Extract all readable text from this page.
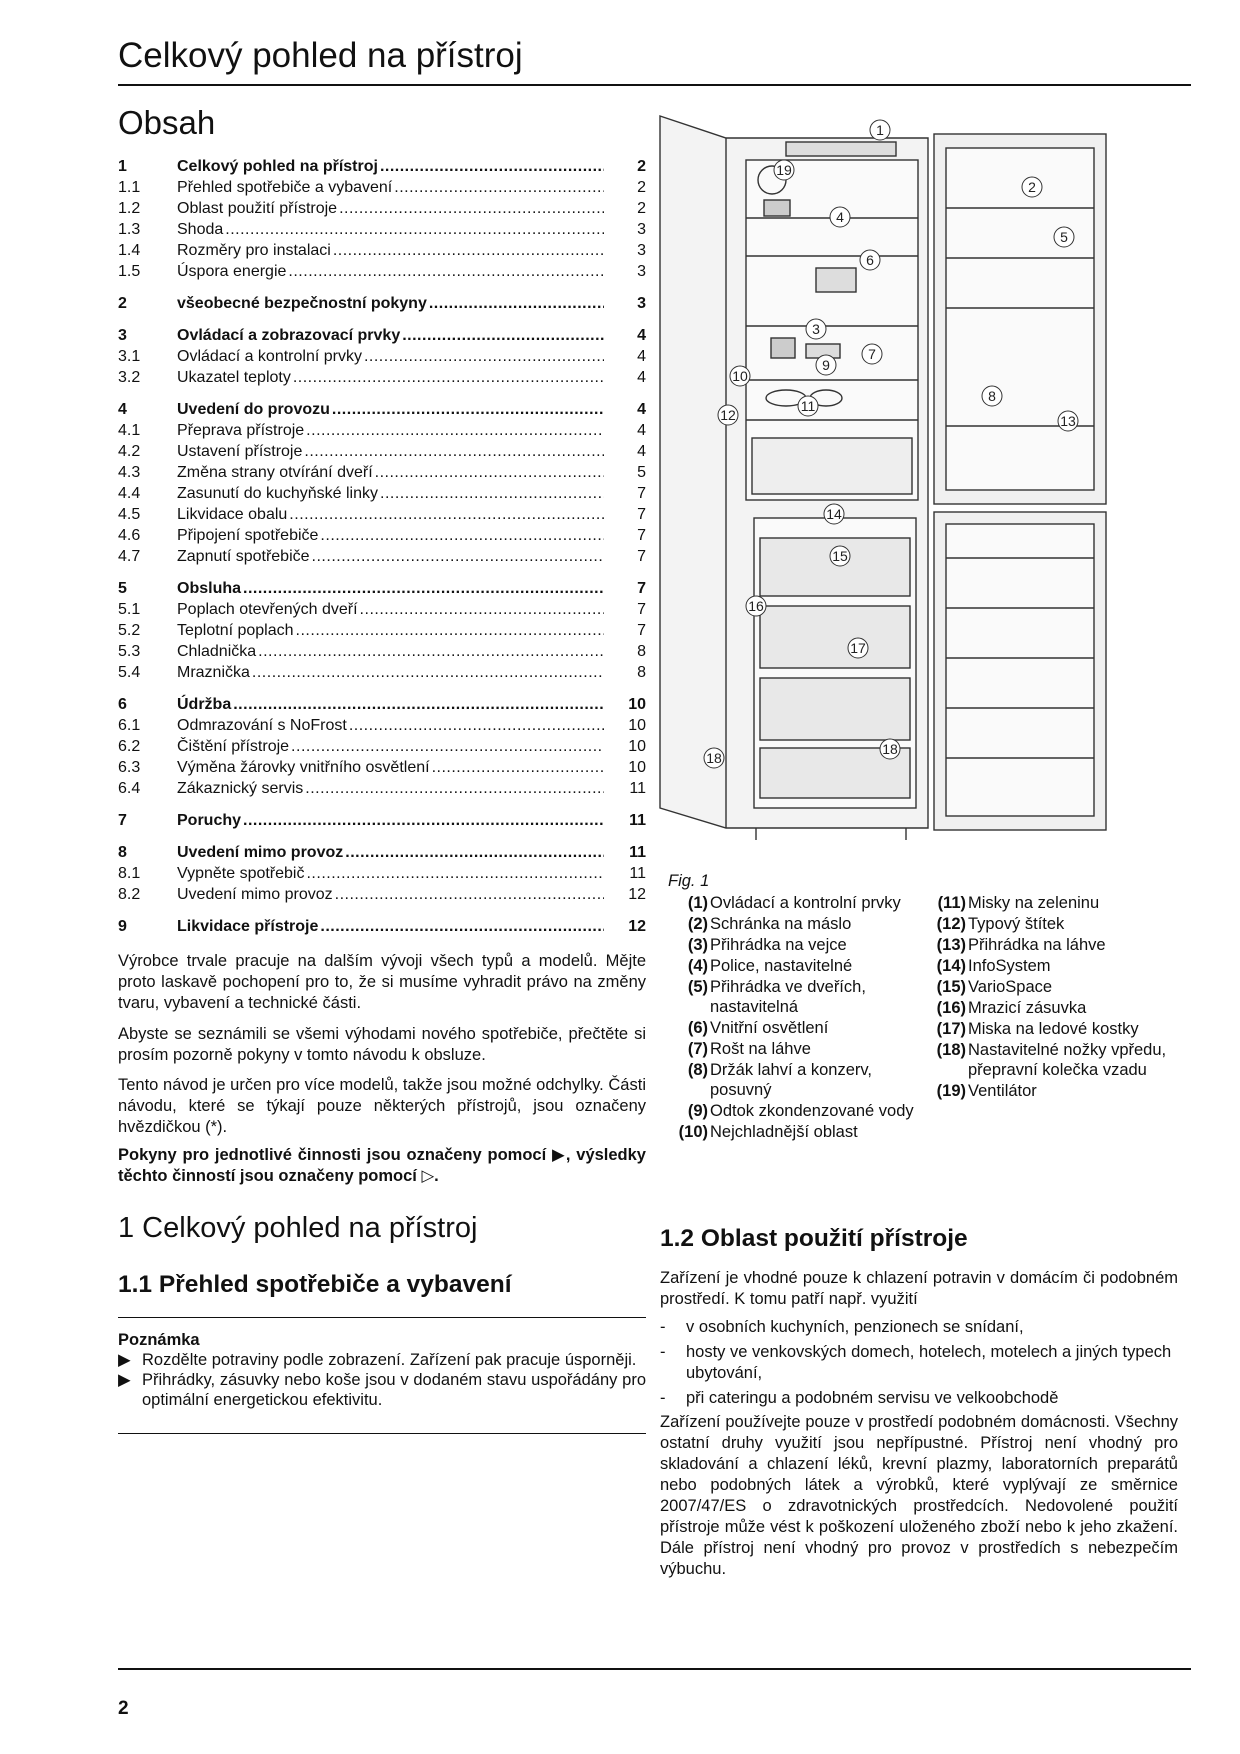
Celkový pohled na přístroj
Obsah
1	Celkový pohled na přístroj .....	2
1.1	Přehled spotřebiče a vybavení .....	2
1.2	Oblast použití přístroje .....	2
1.3	Shoda .....	3
1.4	Rozměry pro instalaci .....	3
1.5	Úspora energie .....	3
2	všeobecné bezpečnostní pokyny .....	3
3	Ovládací a zobrazovací prvky .....	4
3.1	Ovládací a kontrolní prvky .....	4
3.2	Ukazatel teploty .....	4
4	Uvedení do provozu .....	4
4.1	Přeprava přístroje .....	4
4.2	Ustavení přístroje .....	4
4.3	Změna strany otvírání dveří .....	5
4.4	Zasunutí do kuchyňské linky .....	7
4.5	Likvidace obalu .....	7
4.6	Připojení spotřebiče .....	7
4.7	Zapnutí spotřebiče .....	7
5	Obsluha .....	7
5.1	Poplach otevřených dveří .....	7
5.2	Teplotní poplach .....	7
5.3	Chladnička .....	8
5.4	Mraznička .....	8
6	Údržba .....	10
6.1	Odmrazování s NoFrost .....	10
6.2	Čištění přístroje .....	10
6.3	Výměna žárovky vnitřního osvětlení .....	10
6.4	Zákaznický servis .....	11
7	Poruchy .....	11
8	Uvedení mimo provoz .....	11
8.1	Vypněte spotřebič .....	11
8.2	Uvedení mimo provoz .....	12
9	Likvidace přístroje .....	12

Výrobce trvale pracuje na dalším vývoji všech typů a modelů. Mějte proto laskavě pochopení pro to, že si musíme vyhradit právo na změny tvaru, vybavení a technické části.

Abyste se seznámili se všemi výhodami nového spotřebiče, přečtěte si prosím pozorně pokyny v tomto návodu k obsluze.

Tento návod je určen pro více modelů, takže jsou možné odchylky. Části návodu, které se týkají pouze některých přístrojů, jsou označeny hvězdičkou (*).

Pokyny pro jednotlivé činnosti jsou označeny pomocí ▶, výsledky těchto činností jsou označeny pomocí ▷.

1 Celkový pohled na přístroj
1.1 Přehled spotřebiče a vybavení
Poznámka
▶ Rozdělte potraviny podle zobrazení. Zařízení pak pracuje úsporněji.
▶ Přihrádky, zásuvky nebo koše jsou v dodaném stavu uspořádány pro optimální energetickou efektivitu.
1
2
3
4
5
6
7
8
9
10
11
12	13
14
15
16
17
18
18
19
Fig. 1
(1) Ovládací a kontrolní prvky
(2) Schránka na máslo
(3) Přihrádka na vejce
(4) Police, nastavitelné
(5) Přihrádka ve dveřích, nastavitelná
(6) Vnitřní osvětlení
(7) Rošt na láhve
(8) Držák lahví a konzerv, posuvný
(9) Odtok zkondenzované vody
(10) Nejchladnější oblast
(11) Misky na zeleninu
(12) Typový štítek
(13) Přihrádka na láhve
(14) InfoSystem
(15) VarioSpace
(16) Mrazicí zásuvka
(17) Miska na ledové kostky
(18) Nastavitelné nožky vpředu, přepravní kolečka vzadu
(19) Ventilátor
1.2 Oblast použití přístroje

Zařízení je vhodné pouze k chlazení potravin v domácím či podobném prostředí. K tomu patří např. využití

-	v osobních kuchyních, penzionech se snídaní,
-	hosty ve venkovských domech, hotelech, motelech a jiných typech ubytování,
-	při cateringu a podobném servisu ve velkoobchodě

Zařízení používejte pouze v prostředí podobném domácnosti. Všechny ostatní druhy využití jsou nepřípustné. Přístroj není vhodný pro skladování a chlazení léků, krevní plazmy, laboratorních preparátů nebo podobných látek a výrobků, které vyplývají ze směrnice 2007/47/ES o zdravotnických prostředcích. Nedovolené použití přístroje může vést k poškození uloženého zboží nebo k jeho zkažení. Dále přístroj není vhodný pro provoz v prostředích s nebezpečím výbuchu.

2
